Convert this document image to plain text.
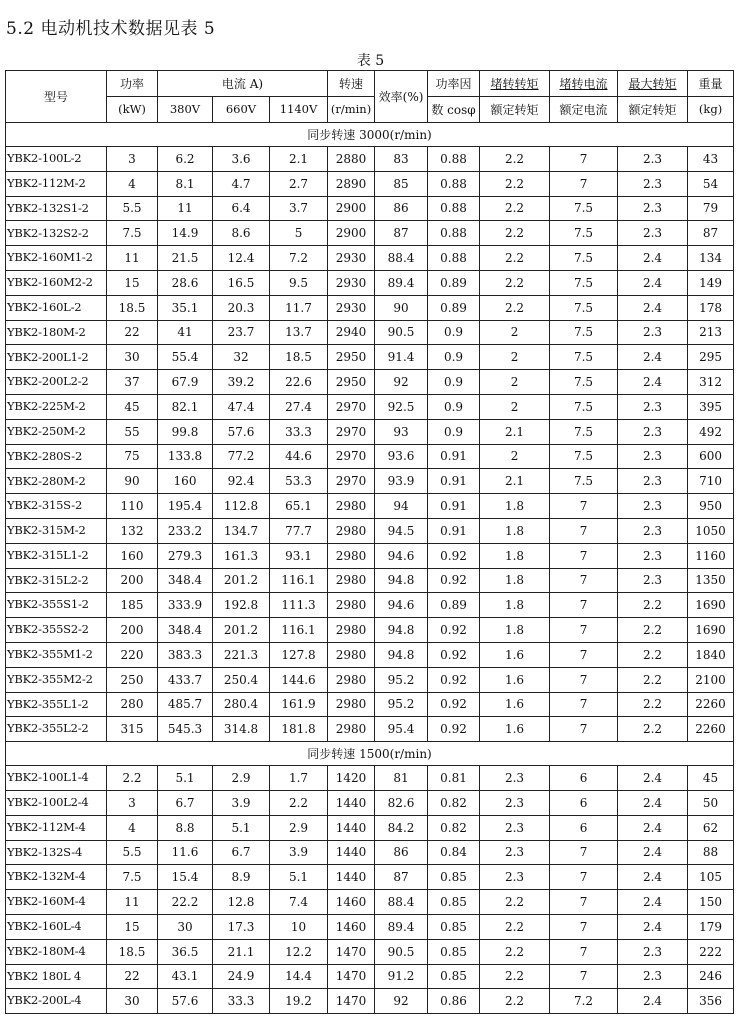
5.2 电动机技术数据见表 5
表 5
型号	功率	电流 A)			转速	效率(%)	功率因	堵转转矩	堵转电流	最大转矩	重量
	(kW)	380V	660V	1140V	(r/min)		数 cosφ	额定转矩	额定电流	额定转矩	(kg)
同步转速 3000(r/min)											
YBK2-100L-2	3	6.2	3.6	2.1	2880	83	0.88	2.2	7	2.3	43
YBK2-112M-2	4	8.1	4.7	2.7	2890	85	0.88	2.2	7	2.3	54
YBK2-132S1-2	5.5	11	6.4	3.7	2900	86	0.88	2.2	7.5	2.3	79
YBK2-132S2-2	7.5	14.9	8.6	5	2900	87	0.88	2.2	7.5	2.3	87
YBK2-160M1-2	11	21.5	12.4	7.2	2930	88.4	0.88	2.2	7.5	2.4	134
YBK2-160M2-2	15	28.6	16.5	9.5	2930	89.4	0.89	2.2	7.5	2.4	149
YBK2-160L-2	18.5	35.1	20.3	11.7	2930	90	0.89	2.2	7.5	2.4	178
YBK2-180M-2	22	41	23.7	13.7	2940	90.5	0.9	2	7.5	2.3	213
YBK2-200L1-2	30	55.4	32	18.5	2950	91.4	0.9	2	7.5	2.4	295
YBK2-200L2-2	37	67.9	39.2	22.6	2950	92	0.9	2	7.5	2.4	312
YBK2-225M-2	45	82.1	47.4	27.4	2970	92.5	0.9	2	7.5	2.3	395
YBK2-250M-2	55	99.8	57.6	33.3	2970	93	0.9	2.1	7.5	2.3	492
YBK2-280S-2	75	133.8	77.2	44.6	2970	93.6	0.91	2	7.5	2.3	600
YBK2-280M-2	90	160	92.4	53.3	2970	93.9	0.91	2.1	7.5	2.3	710
YBK2-315S-2	110	195.4	112.8	65.1	2980	94	0.91	1.8	7	2.3	950
YBK2-315M-2	132	233.2	134.7	77.7	2980	94.5	0.91	1.8	7	2.3	1050
YBK2-315L1-2	160	279.3	161.3	93.1	2980	94.6	0.92	1.8	7	2.3	1160
YBK2-315L2-2	200	348.4	201.2	116.1	2980	94.8	0.92	1.8	7	2.3	1350
YBK2-355S1-2	185	333.9	192.8	111.3	2980	94.6	0.89	1.8	7	2.2	1690
YBK2-355S2-2	200	348.4	201.2	116.1	2980	94.8	0.92	1.8	7	2.2	1690
YBK2-355M1-2	220	383.3	221.3	127.8	2980	94.8	0.92	1.6	7	2.2	1840
YBK2-355M2-2	250	433.7	250.4	144.6	2980	95.2	0.92	1.6	7	2.2	2100
YBK2-355L1-2	280	485.7	280.4	161.9	2980	95.2	0.92	1.6	7	2.2	2260
YBK2-355L2-2	315	545.3	314.8	181.8	2980	95.4	0.92	1.6	7	2.2	2260
同步转速 1500(r/min)											
YBK2-100L1-4	2.2	5.1	2.9	1.7	1420	81	0.81	2.3	6	2.4	45
YBK2-100L2-4	3	6.7	3.9	2.2	1440	82.6	0.82	2.3	6	2.4	50
YBK2-112M-4	4	8.8	5.1	2.9	1440	84.2	0.82	2.3	6	2.4	62
YBK2-132S-4	5.5	11.6	6.7	3.9	1440	86	0.84	2.3	7	2.4	88
YBK2-132M-4	7.5	15.4	8.9	5.1	1440	87	0.85	2.3	7	2.4	105
YBK2-160M-4	11	22.2	12.8	7.4	1460	88.4	0.85	2.2	7	2.4	150
YBK2-160L-4	15	30	17.3	10	1460	89.4	0.85	2.2	7	2.4	179
YBK2-180M-4	18.5	36.5	21.1	12.2	1470	90.5	0.85	2.2	7	2.3	222
YBK2 180L 4	22	43.1	24.9	14.4	1470	91.2	0.85	2.2	7	2.3	246
YBK2-200L-4	30	57.6	33.3	19.2	1470	92	0.86	2.2	7.2	2.4	356
